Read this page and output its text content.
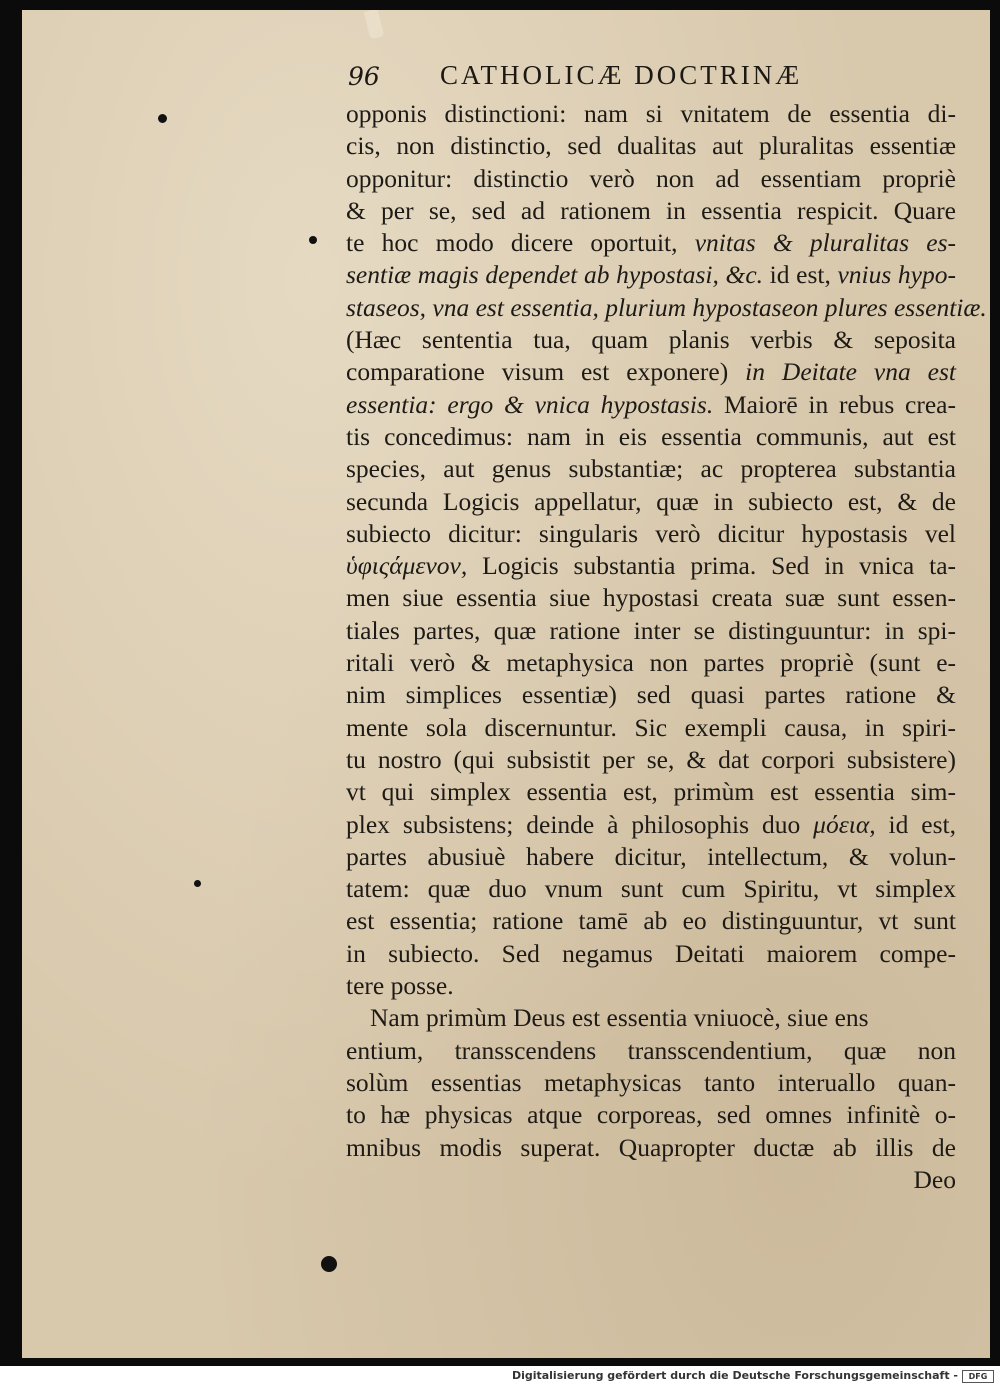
96 CATHOLICÆ DOCTRINÆ
opponis distinctioni: nam si vnitatem de essentia di-
cis, non distinctio, sed dualitas aut pluralitas essentiæ
opponitur: distinctio verò non ad essentiam propriè
& per se, sed ad rationem in essentia respicit. Quare
te hoc modo dicere oportuit, vnitas & pluralitas es-
sentiæ magis dependet ab hypostasi, &c. id est, vnius hypo-
staseos, vna est essentia, plurium hypostaseon plures essentiæ.
(Hæc sententia tua, quam planis verbis & seposita
comparatione visum est exponere) in Deitate vna est
essentia: ergo & vnica hypostasis. Maiorē in rebus crea-
tis concedimus: nam in eis essentia communis, aut est
species, aut genus substantiæ; ac propterea substantia
secunda Logicis appellatur, quæ in subiecto est, & de
subiecto dicitur: singularis verò dicitur hypostasis vel
ὑφιςάμενον, Logicis substantia prima. Sed in vnica ta-
men siue essentia siue hypostasi creata suæ sunt essen-
tiales partes, quæ ratione inter se distinguuntur: in spi-
ritali verò & metaphysica non partes propriè (sunt e-
nim simplices essentiæ) sed quasi partes ratione &
mente sola discernuntur. Sic exempli causa, in spiri-
tu nostro (qui subsistit per se, & dat corpori subsistere)
vt qui simplex essentia est, primùm est essentia sim-
plex subsistens; deinde à philosophis duo μόεια, id est,
partes abusiuè habere dicitur, intellectum, & volun-
tatem: quæ duo vnum sunt cum Spiritu, vt simplex
est essentia; ratione tamē ab eo distinguuntur, vt sunt
in subiecto. Sed negamus Deitati maiorem compe-
tere posse.
Nam primùm Deus est essentia vniuocè, siue ens
entium, transscendens transscendentium, quæ non
solùm essentias metaphysicas tanto interuallo quan-
to hæ physicas atque corporeas, sed omnes infinitè o-
mnibus modis superat. Quapropter ductæ ab illis de
Deo
Digitalisierung gefördert durch die Deutsche Forschungsgemeinschaft -	DFG
